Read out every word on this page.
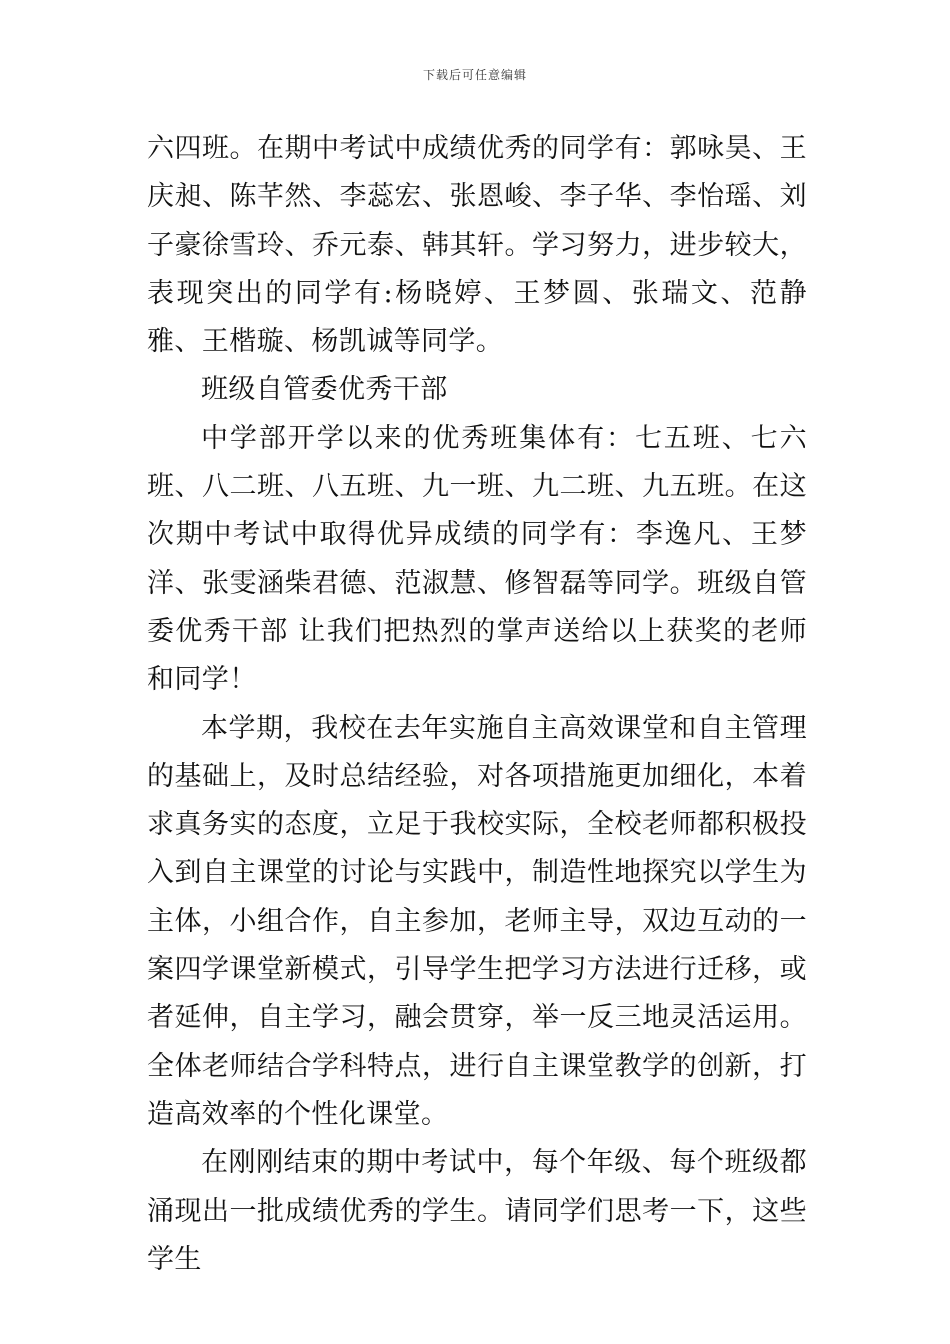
下载后可任意编辑

六四班。在期中考试中成绩优秀的同学有：郭咏昊、王庆昶、陈芊然、李蕊宏、张恩峻、李子华、李怡瑶、刘子豪徐雪玲、乔元泰、韩其轩。学习努力，进步较大，表现突出的同学有:杨晓婷、王梦圆、张瑞文、范静雅、王楷璇、杨凯诚等同学。

班级自管委优秀干部

中学部开学以来的优秀班集体有：七五班、七六班、八二班、八五班、九一班、九二班、九五班。在这次期中考试中取得优异成绩的同学有：李逸凡、王梦洋、张雯涵柴君德、范淑慧、修智磊等同学。班级自管委优秀干部 让我们把热烈的掌声送给以上获奖的老师和同学！

本学期，我校在去年实施自主高效课堂和自主管理的基础上，及时总结经验，对各项措施更加细化，本着求真务实的态度，立足于我校实际，全校老师都积极投入到自主课堂的讨论与实践中，制造性地探究以学生为主体，小组合作，自主参加，老师主导，双边互动的一案四学课堂新模式，引导学生把学习方法进行迁移，或者延伸，自主学习，融会贯穿，举一反三地灵活运用。全体老师结合学科特点，进行自主课堂教学的创新，打造高效率的个性化课堂。

在刚刚结束的期中考试中，每个年级、每个班级都涌现出一批成绩优秀的学生。请同学们思考一下，这些学生
